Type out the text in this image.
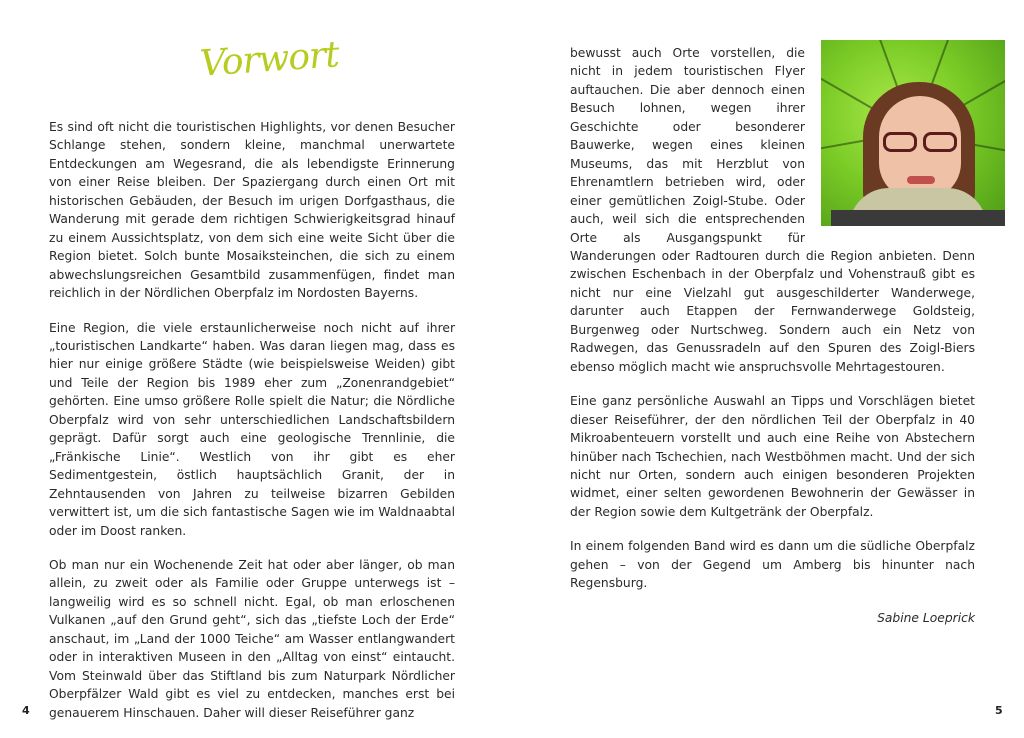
Vorwort

Es sind oft nicht die touristischen Highlights, vor denen Besucher Schlange stehen, sondern kleine, manchmal unerwartete Entdeckungen am Wegesrand, die als lebendigste Erinnerung von einer Reise bleiben. Der Spaziergang durch einen Ort mit historischen Gebäuden, der Besuch im urigen Dorfgasthaus, die Wanderung mit gerade dem richtigen Schwierigkeitsgrad hinauf zu einem Aussichtsplatz, von dem sich eine weite Sicht über die Region bietet. Solch bunte Mosaiksteinchen, die sich zu einem abwechslungsreichen Gesamtbild zusammenfügen, findet man reichlich in der Nördlichen Oberpfalz im Nordosten Bayerns.

Eine Region, die viele erstaunlicherweise noch nicht auf ihrer „touristischen Landkarte“ haben. Was daran liegen mag, dass es hier nur einige größere Städte (wie beispielsweise Weiden) gibt und Teile der Region bis 1989 eher zum „Zonenrandgebiet“ gehörten. Eine umso größere Rolle spielt die Natur; die Nördliche Oberpfalz wird von sehr unterschiedlichen Landschaftsbildern geprägt. Dafür sorgt auch eine geologische Trennlinie, die „Fränkische Linie“. Westlich von ihr gibt es eher Sedimentgestein, östlich hauptsächlich Granit, der in Zehntausenden von Jahren zu teilweise bizarren Gebilden verwittert ist, um die sich fantastische Sagen wie im Waldnaabtal oder im Doost ranken.

Ob man nur ein Wochenende Zeit hat oder aber länger, ob man allein, zu zweit oder als Familie oder Gruppe unterwegs ist – langweilig wird es so schnell nicht. Egal, ob man erloschenen Vulkanen „auf den Grund geht“, sich das „tiefste Loch der Erde“ anschaut, im „Land der 1000 Teiche“ am Wasser entlangwandert oder in interaktiven Museen in den „Alltag von einst“ eintaucht. Vom Steinwald über das Stiftland bis zum Naturpark Nördlicher Oberpfälzer Wald gibt es viel zu entdecken, manches erst bei genauerem Hinschauen. Daher will dieser Reiseführer ganz

4

bewusst auch Orte vorstellen, die nicht in jedem touristischen Flyer auftauchen. Die aber dennoch einen Besuch lohnen, wegen ihrer Geschichte oder besonderer Bauwerke, wegen eines kleinen Museums, das mit Herzblut von Ehrenamtlern betrieben wird, oder einer gemütlichen Zoigl-Stube. Oder auch, weil sich die entsprechenden Orte als Ausgangspunkt für Wanderungen oder Radtouren durch die Region anbieten. Denn zwischen Eschenbach in der Oberpfalz und Vohenstrauß gibt es nicht nur eine Vielzahl gut ausgeschilderter Wanderwege, darunter auch Etappen der Fernwanderwege Goldsteig, Burgenweg oder Nurtschweg. Sondern auch ein Netz von Radwegen, das Genussradeln auf den Spuren des Zoigl-Biers ebenso möglich macht wie anspruchsvolle Mehrtagestouren.

Eine ganz persönliche Auswahl an Tipps und Vorschlägen bietet dieser Reiseführer, der den nördlichen Teil der Oberpfalz in 40 Mikroabenteuern vorstellt und auch eine Reihe von Abstechern hinüber nach Tschechien, nach Westböhmen macht. Und der sich nicht nur Orten, sondern auch einigen besonderen Projekten widmet, einer selten gewordenen Bewohnerin der Gewässer in der Region sowie dem Kultgetränk der Oberpfalz.

In einem folgenden Band wird es dann um die südliche Oberpfalz gehen – von der Gegend um Amberg bis hinunter nach Regensburg.

Sabine Loeprick
5
